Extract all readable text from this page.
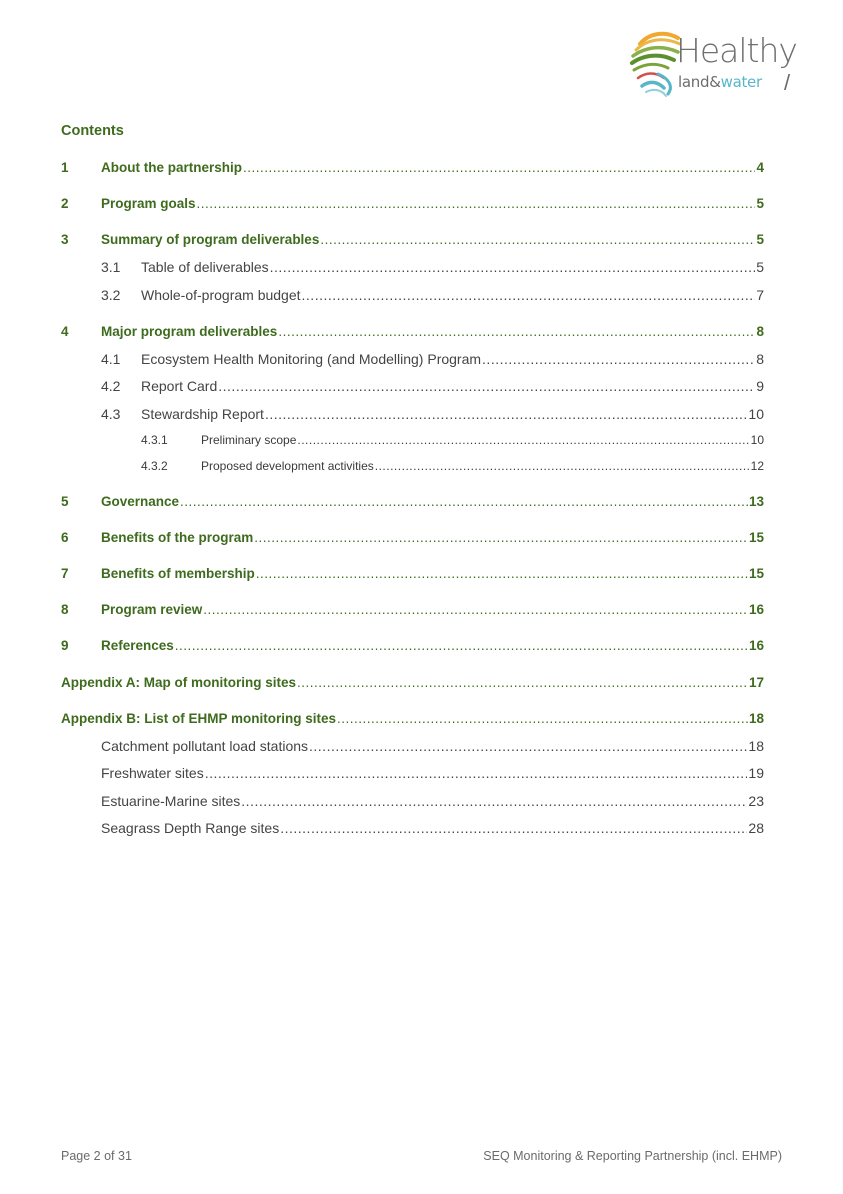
Healthy
land&water /
Contents
1	About the partnership .....	4
2	Program goals .....	5
3	Summary of program deliverables .....	5
3.1	Table of deliverables .....	5
3.2	Whole-of-program budget .....	7
4	Major program deliverables .....	8
4.1	Ecosystem Health Monitoring (and Modelling) Program .....	8
4.2	Report Card .....	9
4.3	Stewardship Report .....	10
4.3.1	Preliminary scope .....	10
4.3.2	Proposed development activities .....	12
5	Governance .....	13
6	Benefits of the program .....	15
7	Benefits of membership .....	15
8	Program review .....	16
9	References .....	16
Appendix A: Map of monitoring sites .....	17
Appendix B: List of EHMP monitoring sites .....	18
Catchment pollutant load stations .....	18
Freshwater sites .....	19
Estuarine-Marine sites .....	23
Seagrass Depth Range sites .....	28
Page 2 of 31	SEQ Monitoring & Reporting Partnership (incl. EHMP)
